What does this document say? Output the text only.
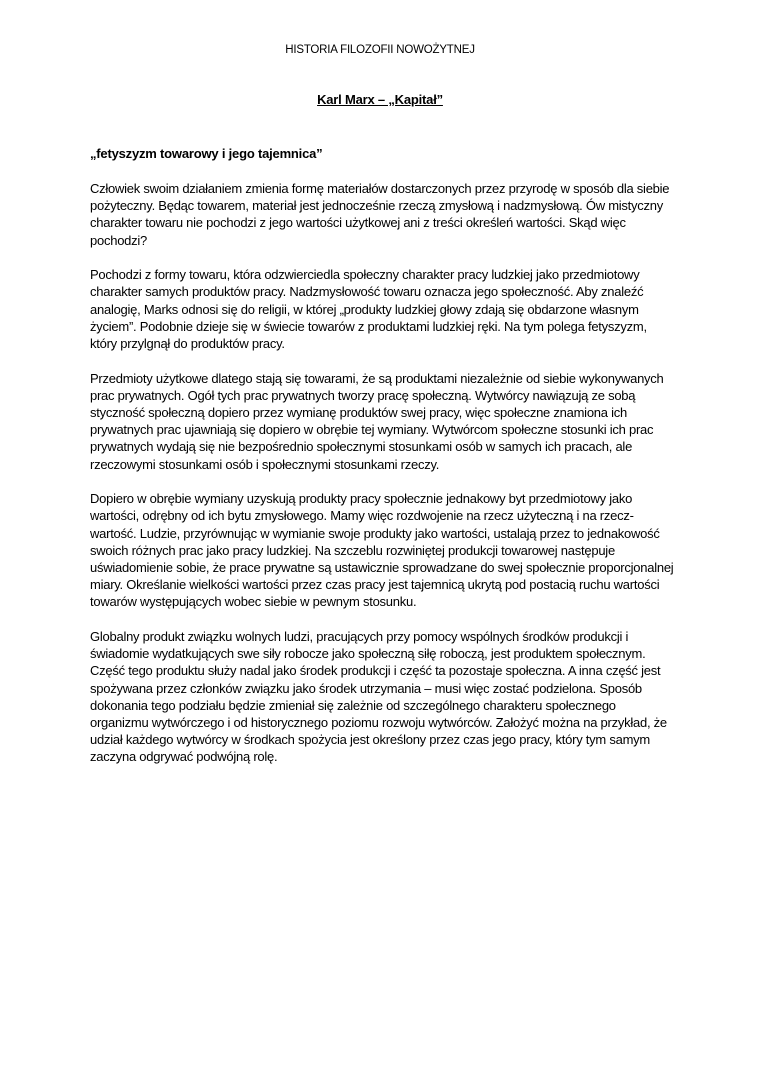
HISTORIA FILOZOFII NOWOŻYTNEJ
Karl Marx – „Kapitał”
„fetyszyzm towarowy i jego tajemnica”

Człowiek swoim działaniem zmienia formę materiałów dostarczonych przez przyrodę w sposób dla siebie pożyteczny. Będąc towarem, materiał jest jednocześnie rzeczą zmysłową i nadzmysłową. Ów mistyczny charakter towaru nie pochodzi z jego wartości użytkowej ani z treści określeń wartości. Skąd więc pochodzi?

Pochodzi z formy towaru, która odzwierciedla społeczny charakter pracy ludzkiej jako przedmiotowy charakter samych produktów pracy. Nadzmysłowość towaru oznacza jego społeczność. Aby znaleźć analogię, Marks odnosi się do religii, w której „produkty ludzkiej głowy zdają się obdarzone własnym życiem”. Podobnie dzieje się w świecie towarów z produktami ludzkiej ręki. Na tym polega fetyszyzm, który przylgnął do produktów pracy.

Przedmioty użytkowe dlatego stają się towarami, że są produktami niezależnie od siebie wykonywanych prac prywatnych. Ogół tych prac prywatnych tworzy pracę społeczną. Wytwórcy nawiązują ze sobą styczność społeczną dopiero przez wymianę produktów swej pracy, więc społeczne znamiona ich prywatnych prac ujawniają się dopiero w obrębie tej wymiany. Wytwórcom społeczne stosunki ich prac prywatnych wydają się nie bezpośrednio społecznymi stosunkami osób w samych ich pracach, ale rzeczowymi stosunkami osób i społecznymi stosunkami rzeczy.

Dopiero w obrębie wymiany uzyskują produkty pracy społecznie jednakowy byt przedmiotowy jako wartości, odrębny od ich bytu zmysłowego. Mamy więc rozdwojenie na rzecz użyteczną i na rzecz-wartość. Ludzie, przyrównując w wymianie swoje produkty jako wartości, ustalają przez to jednakowość swoich różnych prac jako pracy ludzkiej. Na szczeblu rozwiniętej produkcji towarowej następuje uświadomienie sobie, że prace prywatne są ustawicznie sprowadzane do swej społecznie proporcjonalnej miary. Określanie wielkości wartości przez czas pracy jest tajemnicą ukrytą pod postacią ruchu wartości towarów występujących wobec siebie w pewnym stosunku.

Globalny produkt związku wolnych ludzi, pracujących przy pomocy wspólnych środków produkcji i świadomie wydatkujących swe siły robocze jako społeczną siłę roboczą, jest produktem społecznym. Część tego produktu służy nadal jako środek produkcji i część ta pozostaje społeczna. A inna część jest spożywana przez członków związku jako środek utrzymania – musi więc zostać podzielona. Sposób dokonania tego podziału będzie zmieniał się zależnie od szczególnego charakteru społecznego organizmu wytwórczego i od historycznego poziomu rozwoju wytwórców. Założyć można na przykład, że udział każdego wytwórcy w środkach spożycia jest określony przez czas jego pracy, który tym samym zaczyna odgrywać podwójną rolę.
